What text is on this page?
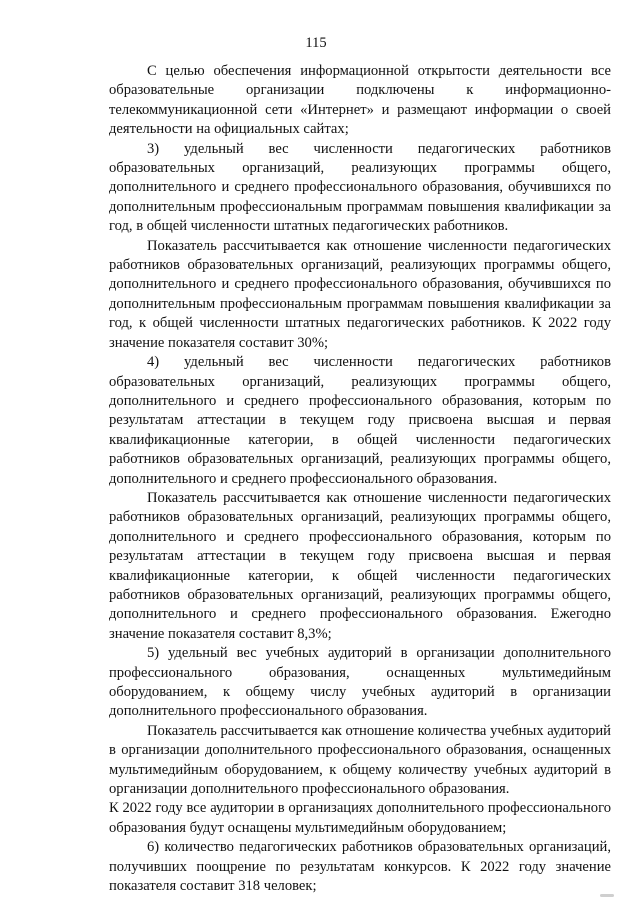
115

С целью обеспечения информационной открытости деятельности все образовательные организации подключены к информационно-телекоммуникационной сети «Интернет» и размещают информации о своей деятельности на официальных сайтах;

3) удельный вес численности педагогических работников образовательных организаций, реализующих программы общего, дополнительного и среднего профессионального образования, обучившихся по дополнительным профессиональным программам повышения квалификации за год, в общей численности штатных педагогических работников.

Показатель рассчитывается как отношение численности педагогических работников образовательных организаций, реализующих программы общего, дополнительного и среднего профессионального образования, обучившихся по дополнительным профессиональным программам повышения квалификации за год, к общей численности штатных педагогических работников. К 2022 году значение показателя составит 30%;

4) удельный вес численности педагогических работников образовательных организаций, реализующих программы общего, дополнительного и среднего профессионального образования, которым по результатам аттестации в текущем году присвоена высшая и первая квалификационные категории, в общей численности педагогических работников образовательных организаций, реализующих программы общего, дополнительного и среднего профессионального образования.

Показатель рассчитывается как отношение численности педагогических работников образовательных организаций, реализующих программы общего, дополнительного и среднего профессионального образования, которым по результатам аттестации в текущем году присвоена высшая и первая квалификационные категории, к общей численности педагогических работников образовательных организаций, реализующих программы общего, дополнительного и среднего профессионального образования. Ежегодно значение показателя составит 8,3%;

5) удельный вес учебных аудиторий в организации дополнительного профессионального образования, оснащенных мультимедийным оборудованием, к общему числу учебных аудиторий в организации дополнительного профессионального образования.

Показатель рассчитывается как отношение количества учебных аудиторий в организации дополнительного профессионального образования, оснащенных мультимедийным оборудованием, к общему количеству учебных аудиторий в организации дополнительного профессионального образования.

К 2022 году все аудитории в организациях дополнительного профессионального образования будут оснащены мультимедийным оборудованием;

6) количество педагогических работников образовательных организаций, получивших поощрение по результатам конкурсов. К 2022 году значение показателя составит 318 человек;
